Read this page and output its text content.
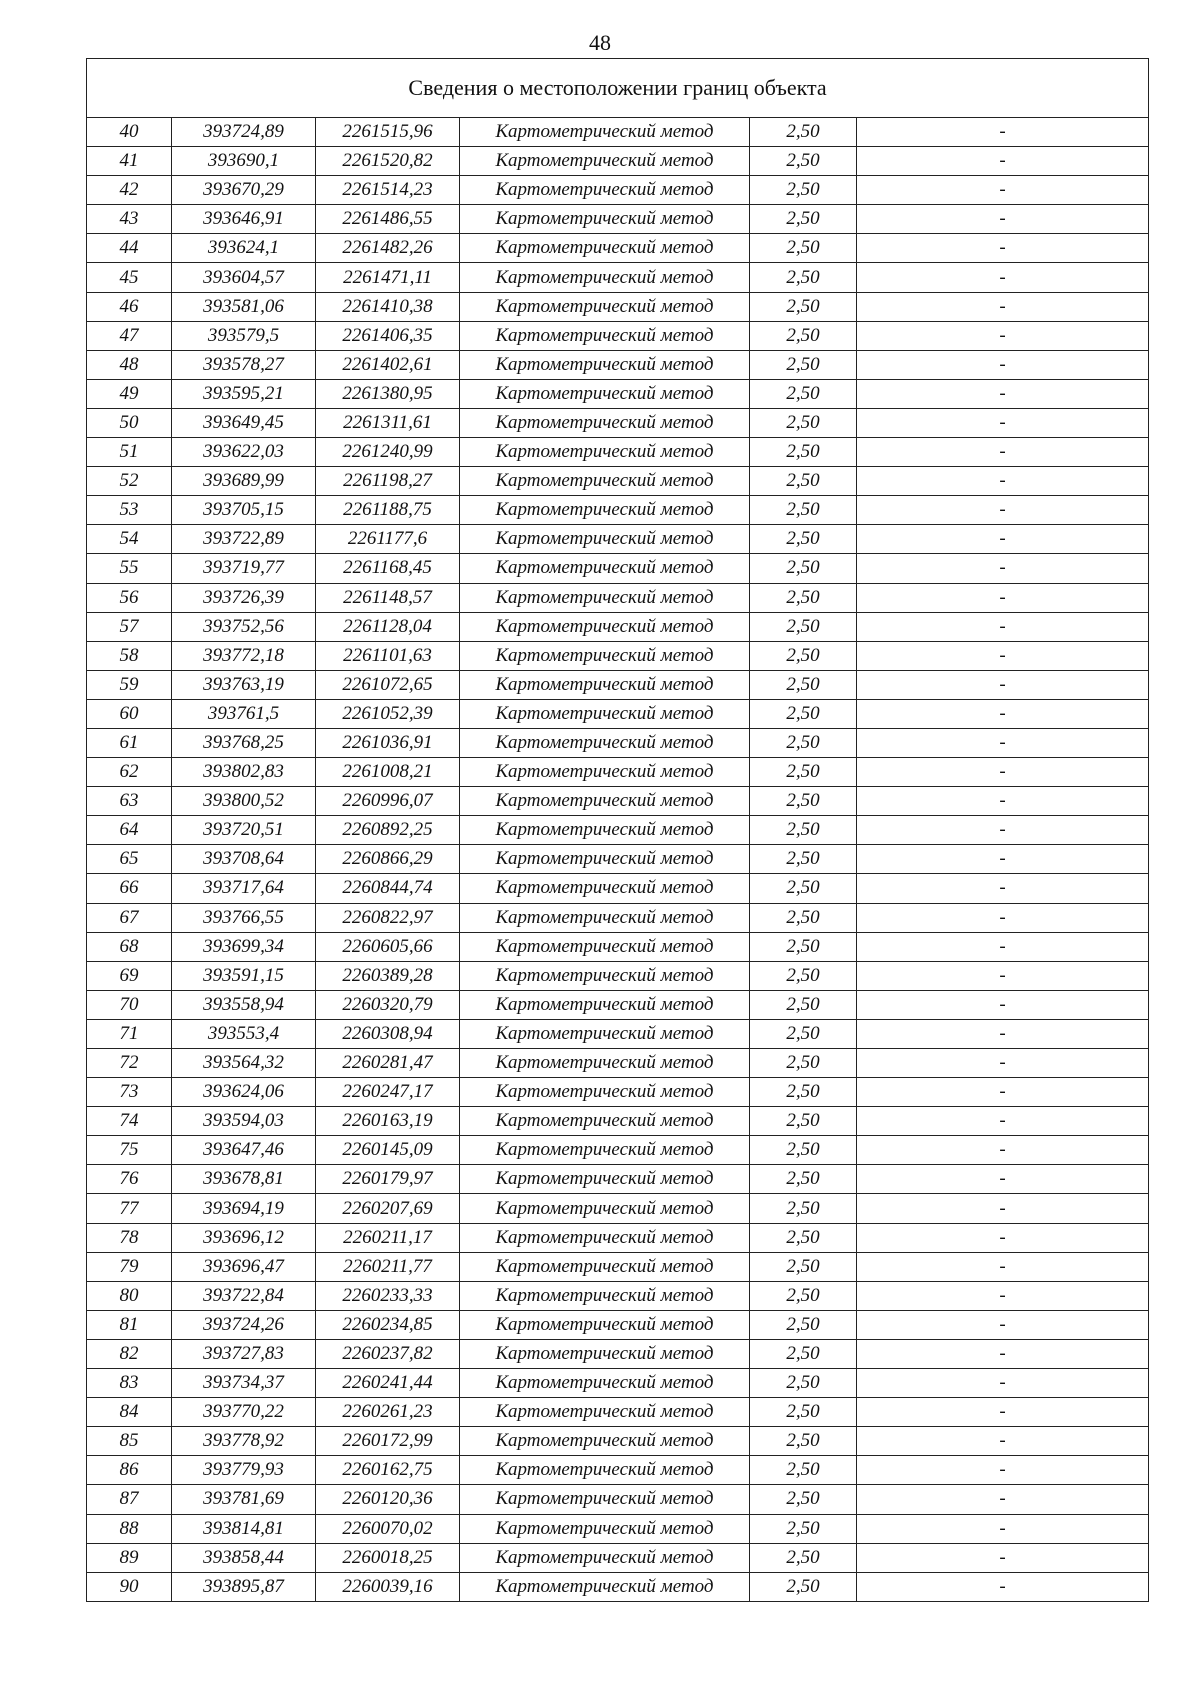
48
Сведения о местоположении границ объекта					
40	393724,89	2261515,96	Картометрический метод	2,50	-
41	393690,1	2261520,82	Картометрический метод	2,50	-
42	393670,29	2261514,23	Картометрический метод	2,50	-
43	393646,91	2261486,55	Картометрический метод	2,50	-
44	393624,1	2261482,26	Картометрический метод	2,50	-
45	393604,57	2261471,11	Картометрический метод	2,50	-
46	393581,06	2261410,38	Картометрический метод	2,50	-
47	393579,5	2261406,35	Картометрический метод	2,50	-
48	393578,27	2261402,61	Картометрический метод	2,50	-
49	393595,21	2261380,95	Картометрический метод	2,50	-
50	393649,45	2261311,61	Картометрический метод	2,50	-
51	393622,03	2261240,99	Картометрический метод	2,50	-
52	393689,99	2261198,27	Картометрический метод	2,50	-
53	393705,15	2261188,75	Картометрический метод	2,50	-
54	393722,89	2261177,6	Картометрический метод	2,50	-
55	393719,77	2261168,45	Картометрический метод	2,50	-
56	393726,39	2261148,57	Картометрический метод	2,50	-
57	393752,56	2261128,04	Картометрический метод	2,50	-
58	393772,18	2261101,63	Картометрический метод	2,50	-
59	393763,19	2261072,65	Картометрический метод	2,50	-
60	393761,5	2261052,39	Картометрический метод	2,50	-
61	393768,25	2261036,91	Картометрический метод	2,50	-
62	393802,83	2261008,21	Картометрический метод	2,50	-
63	393800,52	2260996,07	Картометрический метод	2,50	-
64	393720,51	2260892,25	Картометрический метод	2,50	-
65	393708,64	2260866,29	Картометрический метод	2,50	-
66	393717,64	2260844,74	Картометрический метод	2,50	-
67	393766,55	2260822,97	Картометрический метод	2,50	-
68	393699,34	2260605,66	Картометрический метод	2,50	-
69	393591,15	2260389,28	Картометрический метод	2,50	-
70	393558,94	2260320,79	Картометрический метод	2,50	-
71	393553,4	2260308,94	Картометрический метод	2,50	-
72	393564,32	2260281,47	Картометрический метод	2,50	-
73	393624,06	2260247,17	Картометрический метод	2,50	-
74	393594,03	2260163,19	Картометрический метод	2,50	-
75	393647,46	2260145,09	Картометрический метод	2,50	-
76	393678,81	2260179,97	Картометрический метод	2,50	-
77	393694,19	2260207,69	Картометрический метод	2,50	-
78	393696,12	2260211,17	Картометрический метод	2,50	-
79	393696,47	2260211,77	Картометрический метод	2,50	-
80	393722,84	2260233,33	Картометрический метод	2,50	-
81	393724,26	2260234,85	Картометрический метод	2,50	-
82	393727,83	2260237,82	Картометрический метод	2,50	-
83	393734,37	2260241,44	Картометрический метод	2,50	-
84	393770,22	2260261,23	Картометрический метод	2,50	-
85	393778,92	2260172,99	Картометрический метод	2,50	-
86	393779,93	2260162,75	Картометрический метод	2,50	-
87	393781,69	2260120,36	Картометрический метод	2,50	-
88	393814,81	2260070,02	Картометрический метод	2,50	-
89	393858,44	2260018,25	Картометрический метод	2,50	-
90	393895,87	2260039,16	Картометрический метод	2,50	-
